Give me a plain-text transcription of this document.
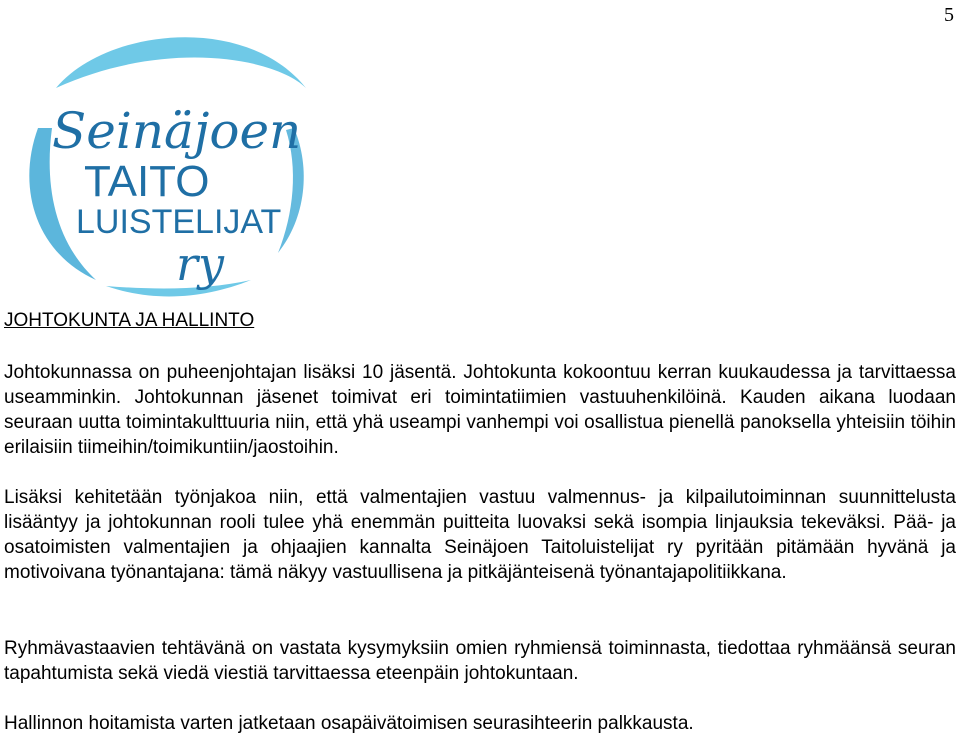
5
Seinäjoen
TAITO
LUISTELIJAT
ry
JOHTOKUNTA JA HALLINTO

Johtokunnassa on puheenjohtajan lisäksi 10 jäsentä. Johtokunta kokoontuu kerran kuukaudessa ja tarvittaessa useamminkin. Johtokunnan jäsenet toimivat eri toimintatiimien vastuuhenkilöinä. Kauden aikana luodaan seuraan uutta toimintakulttuuria niin, että yhä useampi vanhempi voi osallistua pienellä panoksella yhteisiin töihin erilaisiin tiimeihin/toimikuntiin/jaostoihin.

Lisäksi kehitetään työnjakoa niin, että valmentajien vastuu valmennus- ja kilpailutoiminnan suunnittelusta lisääntyy ja johtokunnan rooli tulee yhä enemmän puitteita luovaksi sekä isompia linjauksia tekeväksi. Pää- ja osatoimisten valmentajien ja ohjaajien kannalta Seinäjoen Taitoluistelijat ry pyritään pitämään hyvänä ja motivoivana työnantajana: tämä näkyy vastuullisena ja pitkäjänteisenä työnantajapolitiikkana.

Ryhmävastaavien tehtävänä on vastata kysymyksiin omien ryhmiensä toiminnasta, tiedottaa ryhmäänsä seuran tapahtumista sekä viedä viestiä tarvittaessa eteenpäin johtokuntaan.

Hallinnon hoitamista varten jatketaan osapäivätoimisen seurasihteerin palkkausta.
